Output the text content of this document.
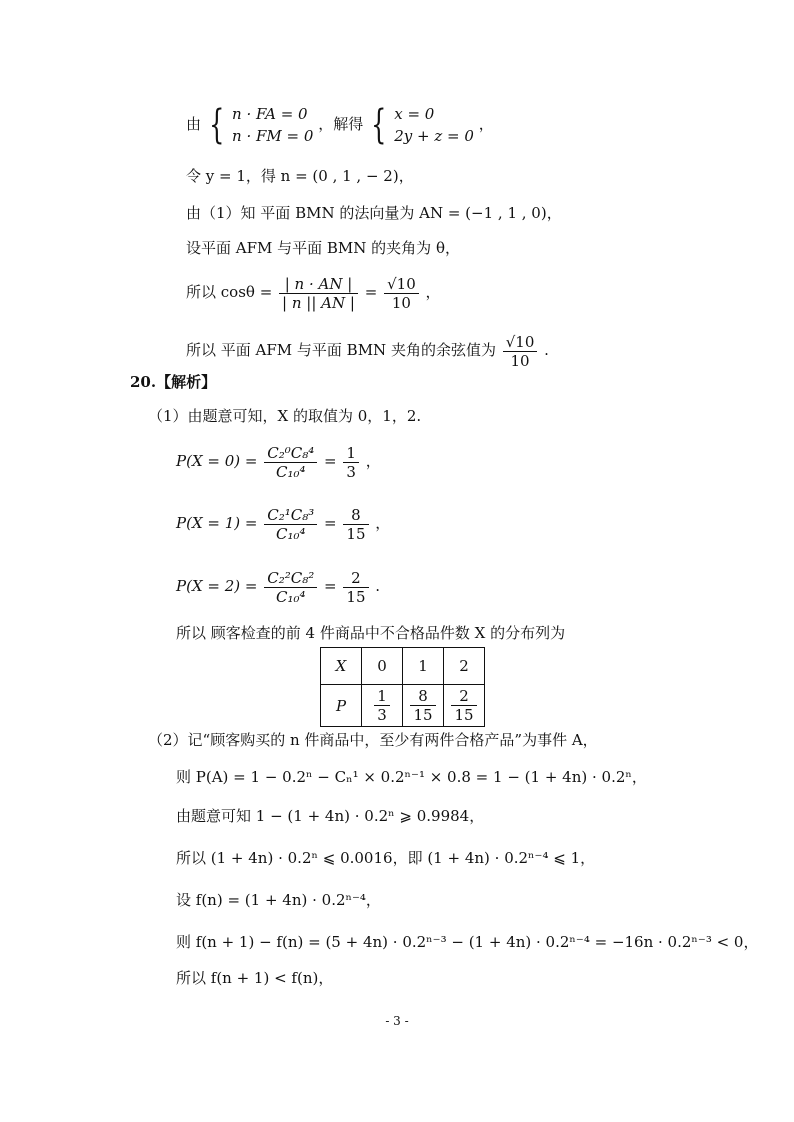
由 { n · FA = 0
n · FM = 0
，解得 { x = 0
2y + z = 0
，
令 y = 1，得 n = (0 , 1 , − 2)，
由（1）知 平面 BMN 的法向量为 AN = (−1 , 1 , 0)，
设平面 AFM 与平面 BMN 的夹角为 θ，
所以 $\cos\theta = \frac{| n \cdot AN |}{| n || AN |} = \frac{√10}{10}$ ，
所以 平面 AFM 与平面 BMN 夹角的余弦值为 $\frac{√10}{10}$ .
20.【解析】
（1）由题意可知，X 的取值为 0，1，2.
$P(X = 0) = \frac{\text{C₂⁰C₈⁴}}{\text{C₁₀⁴}} = \frac{1}{3}$ ，
$P(X = 1) = \frac{\text{C₂¹C₈³}}{\text{C₁₀⁴}} = \frac{8}{15}$ ，
$P(X = 2) = \frac{\text{C₂²C₈²}}{\text{C₁₀⁴}} = \frac{2}{15}$ .
所以 顾客检查的前 4 件商品中不合格品件数 X 的分布列为
X	0	1	2
P	$\frac{1}{3}$	$\frac{8}{15}$	$\frac{2}{15}$
（2）记“顾客购买的 n 件商品中，至少有两件合格产品”为事件 A，
则 P(A) = 1 − 0.2ⁿ − Cₙ¹ × 0.2ⁿ⁻¹ × 0.8 = 1 − (1 + 4n) · 0.2ⁿ，
由题意可知 1 − (1 + 4n) · 0.2ⁿ ⩾ 0.9984，
所以 (1 + 4n) · 0.2ⁿ ⩽ 0.0016，即 (1 + 4n) · 0.2ⁿ⁻⁴ ⩽ 1，
设 f(n) = (1 + 4n) · 0.2ⁿ⁻⁴，
则 f(n + 1) − f(n) = (5 + 4n) · 0.2ⁿ⁻³ − (1 + 4n) · 0.2ⁿ⁻⁴ = −16n · 0.2ⁿ⁻³ < 0，
所以 f(n + 1) < f(n)，
- 3 -
